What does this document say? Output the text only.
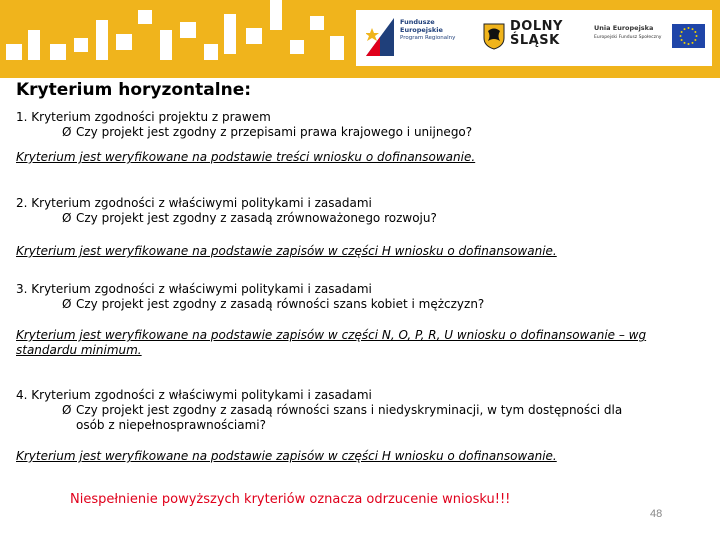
Fundusze
Europejskie
Program Regionalny
DOLNY
ŚLĄSK
Unia Europejska
Europejski Fundusz Społeczny
Kryterium horyzontalne:

1. Kryterium zgodności projektu z prawem

Ø Czy projekt jest zgodny z przepisami prawa krajowego i unijnego?

Kryterium jest weryfikowane na podstawie treści wniosku o dofinansowanie.

2. Kryterium zgodności z właściwymi politykami i zasadami

Ø Czy projekt jest zgodny z zasadą zrównoważonego rozwoju?

Kryterium jest weryfikowane na podstawie zapisów w części H wniosku o dofinansowanie.

3. Kryterium zgodności z właściwymi politykami i zasadami

Ø Czy projekt jest zgodny z zasadą równości szans kobiet i mężczyzn?

Kryterium jest weryfikowane na podstawie zapisów w części N, O, P, R, U wniosku o dofinansowanie – wg standardu minimum.

4. Kryterium zgodności z właściwymi politykami i zasadami

Ø Czy projekt jest zgodny z zasadą równości szans i niedyskryminacji, w tym dostępności dla osób z niepełnosprawnościami?

Kryterium jest weryfikowane na podstawie zapisów w części H wniosku o dofinansowanie.

Niespełnienie powyższych kryteriów oznacza odrzucenie wniosku!!!
48
